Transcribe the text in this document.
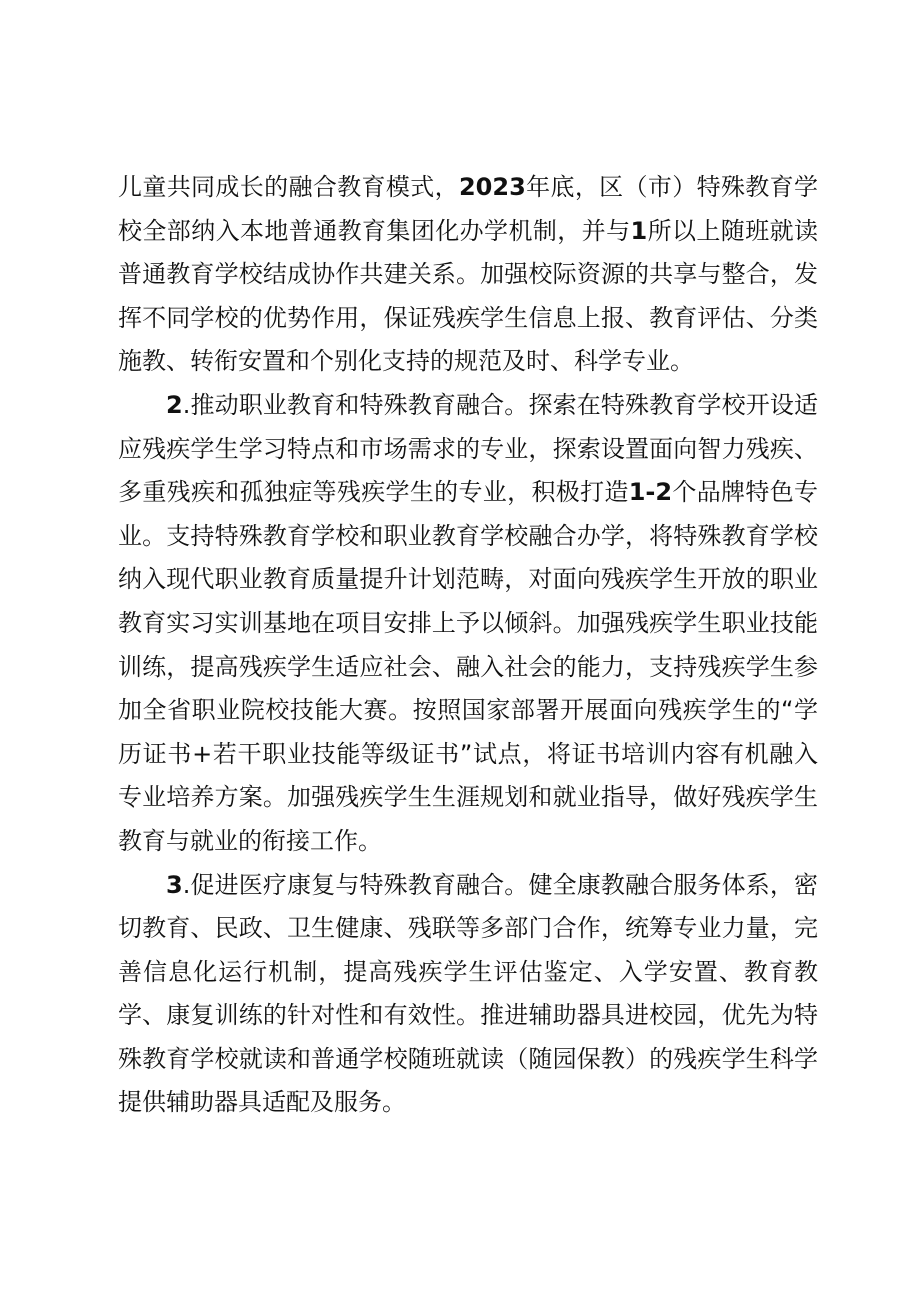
儿童共同成长的融合教育模式，2023年底，区（市）特殊教育学校全部纳入本地普通教育集团化办学机制，并与1所以上随班就读普通教育学校结成协作共建关系。加强校际资源的共享与整合，发挥不同学校的优势作用，保证残疾学生信息上报、教育评估、分类施教、转衔安置和个别化支持的规范及时、科学专业。

2.推动职业教育和特殊教育融合。探索在特殊教育学校开设适应残疾学生学习特点和市场需求的专业，探索设置面向智力残疾、多重残疾和孤独症等残疾学生的专业，积极打造1-2个品牌特色专业。支持特殊教育学校和职业教育学校融合办学，将特殊教育学校纳入现代职业教育质量提升计划范畴，对面向残疾学生开放的职业教育实习实训基地在项目安排上予以倾斜。加强残疾学生职业技能训练，提高残疾学生适应社会、融入社会的能力，支持残疾学生参加全省职业院校技能大赛。按照国家部署开展面向残疾学生的“学历证书+若干职业技能等级证书”试点，将证书培训内容有机融入专业培养方案。加强残疾学生生涯规划和就业指导，做好残疾学生教育与就业的衔接工作。

3.促进医疗康复与特殊教育融合。健全康教融合服务体系，密切教育、民政、卫生健康、残联等多部门合作，统筹专业力量，完善信息化运行机制，提高残疾学生评估鉴定、入学安置、教育教学、康复训练的针对性和有效性。推进辅助器具进校园，优先为特殊教育学校就读和普通学校随班就读（随园保教）的残疾学生科学提供辅助器具适配及服务。
